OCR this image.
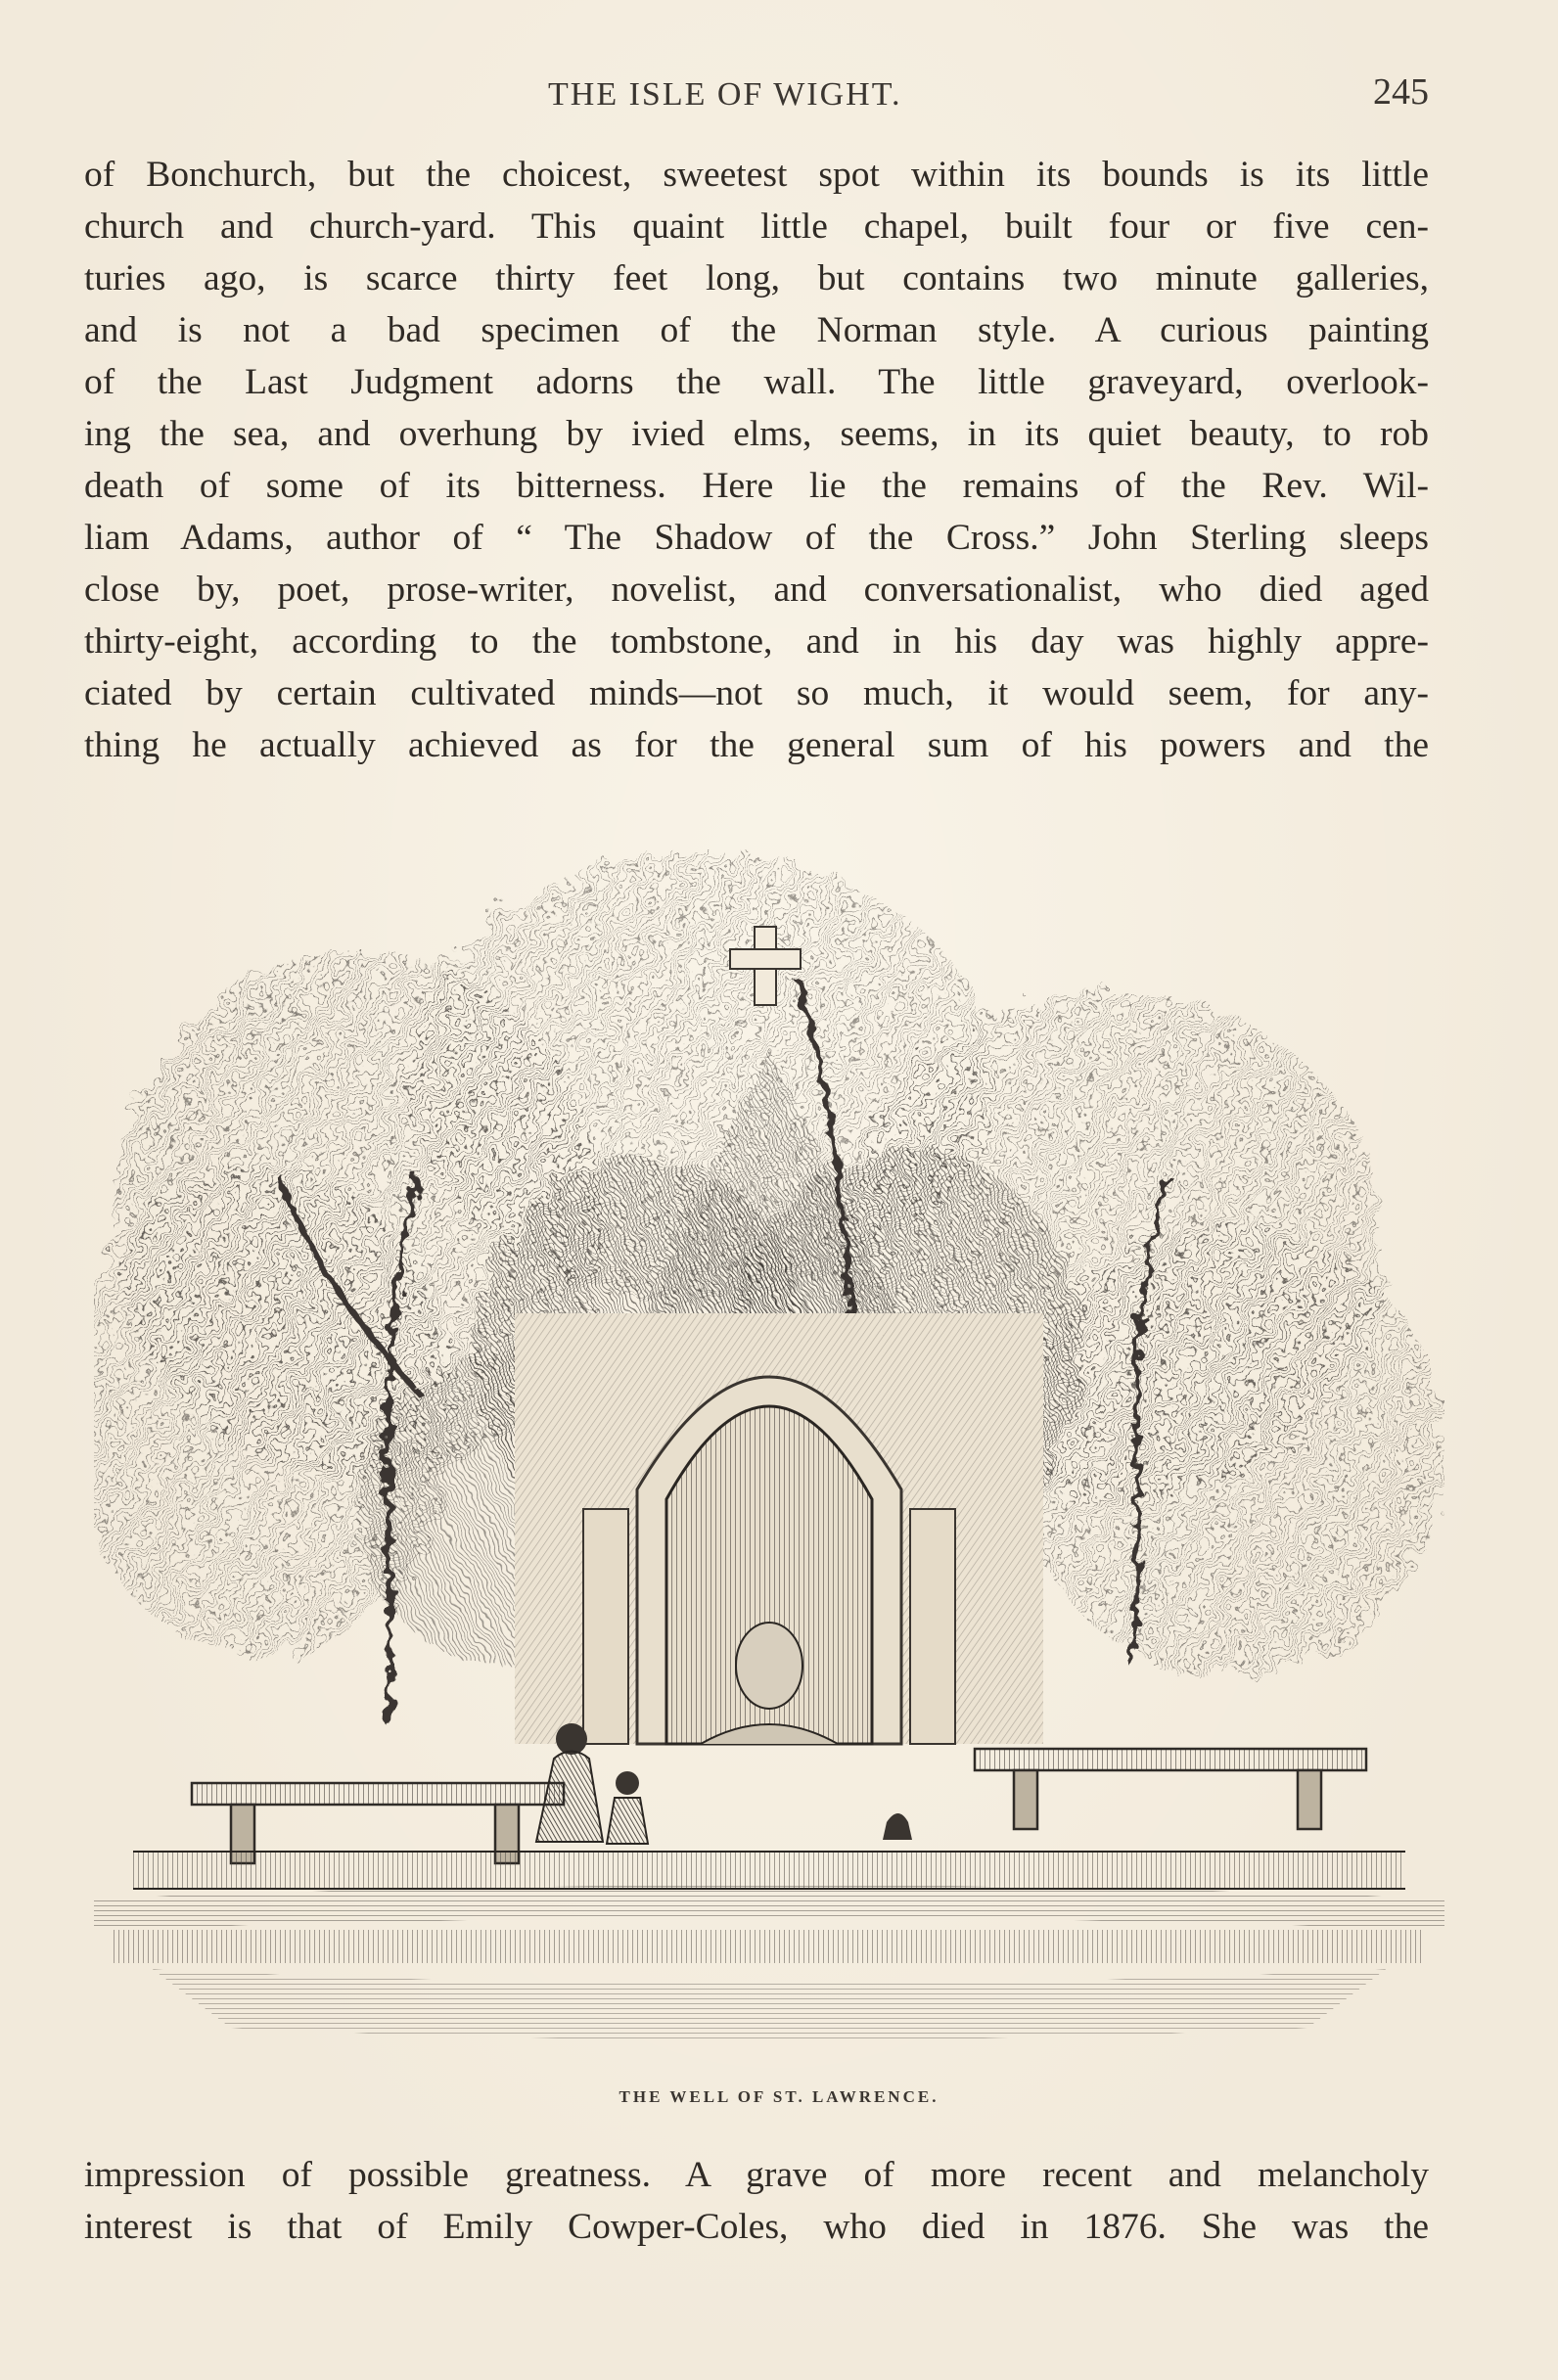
THE ISLE OF WIGHT.	245
of Bonchurch, but the choicest, sweetest spot within its bounds is its little
church and church-yard. This quaint little chapel, built four or five cen-
turies ago, is scarce thirty feet long, but contains two minute galleries,
and is not a bad specimen of the Norman style. A curious painting
of the Last Judgment adorns the wall. The little graveyard, overlook-
ing the sea, and overhung by ivied elms, seems, in its quiet beauty, to rob
death of some of its bitterness. Here lie the remains of the Rev. Wil-
liam Adams, author of “ The Shadow of the Cross.” John Sterling sleeps
close by, poet, prose-writer, novelist, and conversationalist, who died aged
thirty-eight, according to the tombstone, and in his day was highly appre-
ciated by certain cultivated minds—not so much, it would seem, for any-
thing he actually achieved as for the general sum of his powers and the
THE WELL OF ST. LAWRENCE.
impression of possible greatness. A grave of more recent and melancholy
interest is that of Emily Cowper-Coles, who died in 1876. She was the
